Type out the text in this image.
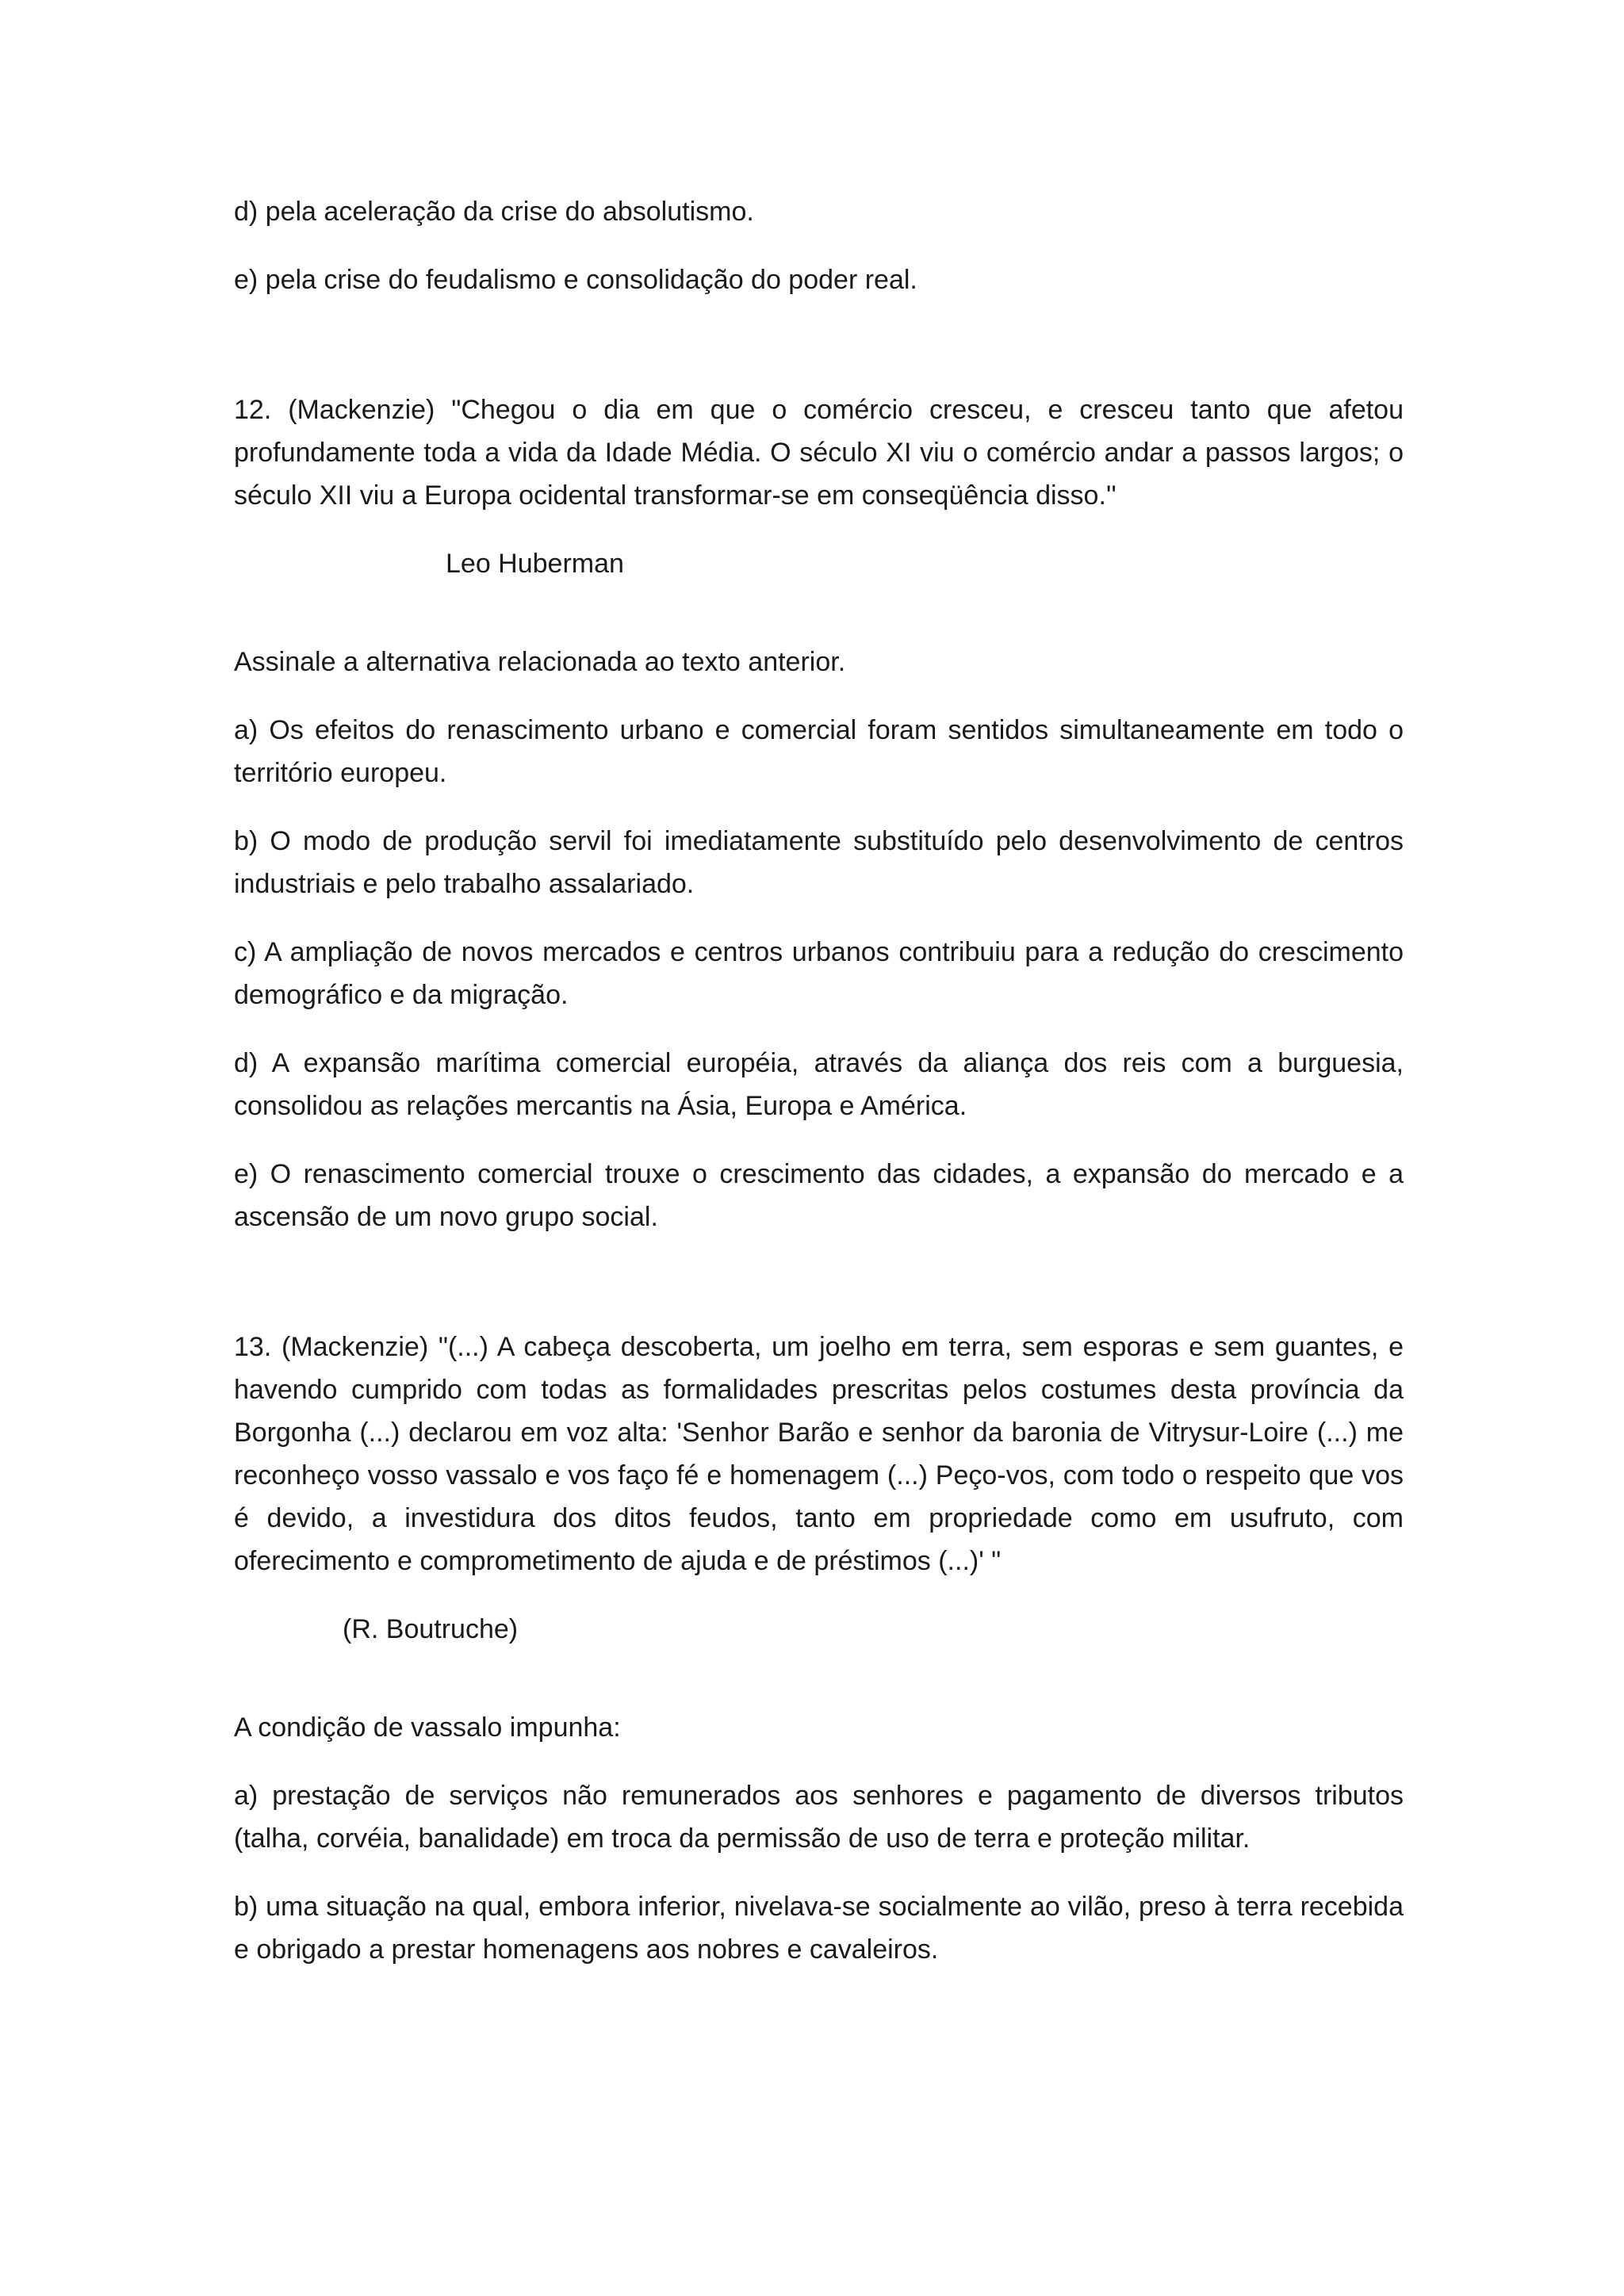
d) pela aceleração da crise do absolutismo.

e) pela crise do feudalismo e consolidação do poder real.

12. (Mackenzie) "Chegou o dia em que o comércio cresceu, e cresceu tanto que afetou profundamente toda a vida da Idade Média. O século XI viu o comércio andar a passos largos; o século XII viu a Europa ocidental transformar-se em conseqüência disso.''

Leo Huberman

Assinale a alternativa relacionada ao texto anterior.

a) Os efeitos do renascimento urbano e comercial foram sentidos simultaneamente em todo o território europeu.

b) O modo de produção servil foi imediatamente substituído pelo desenvolvimento de centros industriais e pelo trabalho assalariado.

c) A ampliação de novos mercados e centros urbanos contribuiu para a redução do crescimento demográfico e da migração.

d) A expansão marítima comercial européia, através da aliança dos reis com a burguesia, consolidou as relações mercantis na Ásia, Europa e América.

e) O renascimento comercial trouxe o crescimento das cidades, a expansão do mercado e a ascensão de um novo grupo social.

13. (Mackenzie) "(...) A cabeça descoberta, um joelho em terra, sem esporas e sem guantes, e havendo cumprido com todas as formalidades prescritas pelos costumes desta província da Borgonha (...) declarou em voz alta: 'Senhor Barão e senhor da baronia de Vitrysur-Loire (...) me reconheço vosso vassalo e vos faço fé e homenagem (...) Peço-vos, com todo o respeito que vos é devido, a investidura dos ditos feudos, tanto em propriedade como em usufruto, com oferecimento e comprometimento de ajuda e de préstimos (...)' "

(R. Boutruche)

A condição de vassalo impunha:

a) prestação de serviços não remunerados aos senhores e pagamento de diversos tributos (talha, corvéia, banalidade) em troca da permissão de uso de terra e proteção militar.

b) uma situação na qual, embora inferior, nivelava-se socialmente ao vilão, preso à terra recebida e obrigado a prestar homenagens aos nobres e cavaleiros.
